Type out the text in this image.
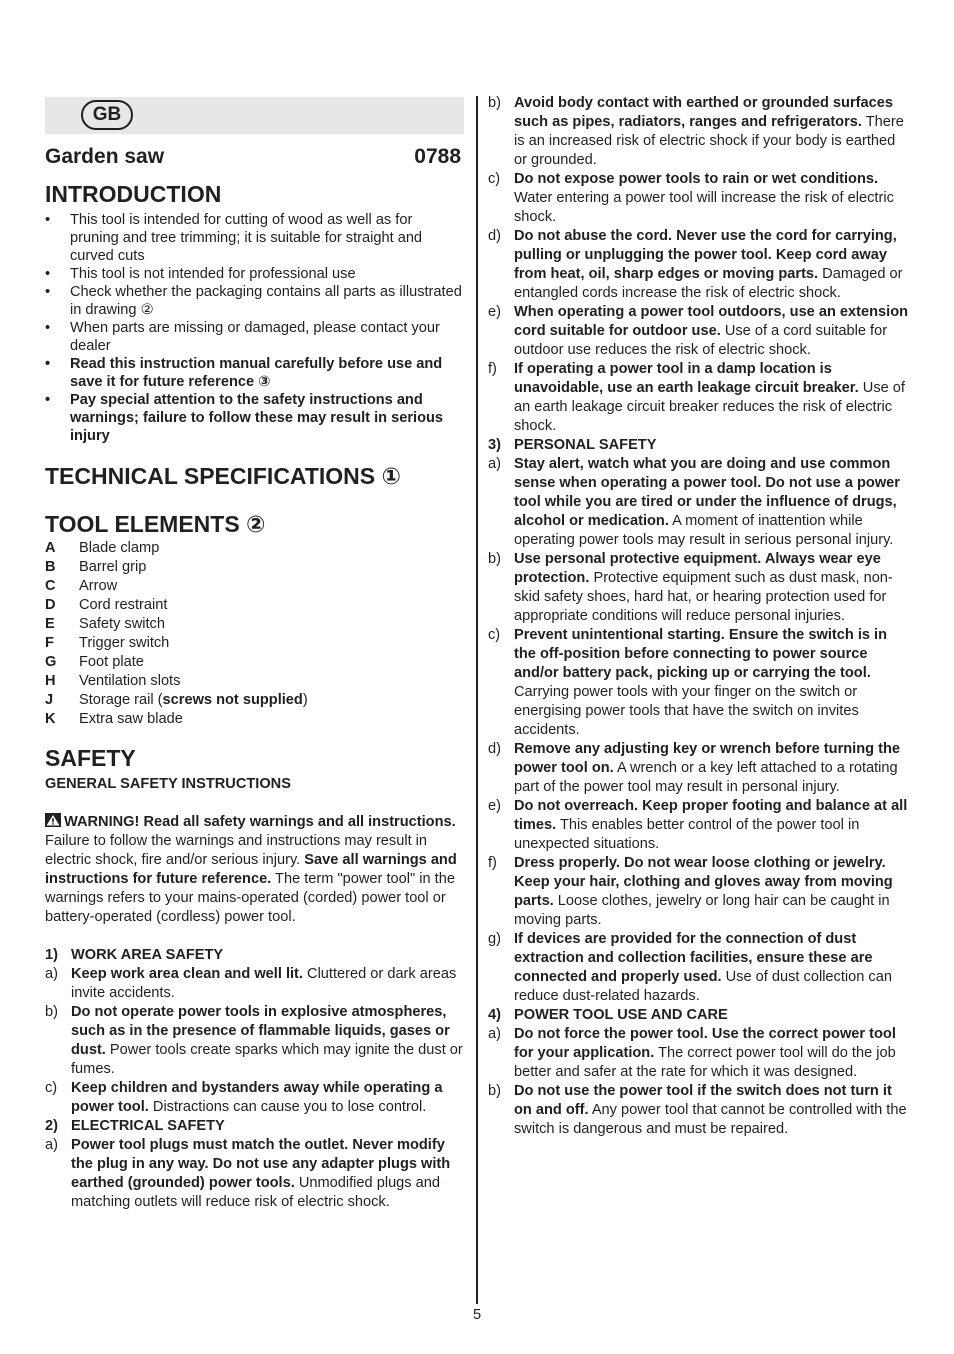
GB
Garden saw	0788
INTRODUCTION
• This tool is intended for cutting of wood as well as for pruning and tree trimming; it is suitable for straight and curved cuts
• This tool is not intended for professional use
• Check whether the packaging contains all parts as illustrated in drawing ②
• When parts are missing or damaged, please contact your dealer
• Read this instruction manual carefully before use and save it for future reference ③
• Pay special attention to the safety instructions and warnings; failure to follow these may result in serious injury
TECHNICAL SPECIFICATIONS ①
TOOL ELEMENTS ②
A	Blade clamp
B	Barrel grip
C	Arrow
D	Cord restraint
E	Safety switch
F	Trigger switch
G	Foot plate
H	Ventilation slots
J	Storage rail (screws not supplied)
K	Extra saw blade
SAFETY
GENERAL SAFETY INSTRUCTIONS
WARNING! Read all safety warnings and all instructions. Failure to follow the warnings and instructions may result in electric shock, fire and/or serious injury. Save all warnings and instructions for future reference. The term "power tool" in the warnings refers to your mains-operated (corded) power tool or battery-operated (cordless) power tool.
1) WORK AREA SAFETY
a) Keep work area clean and well lit. Cluttered or dark areas invite accidents.
b) Do not operate power tools in explosive atmospheres, such as in the presence of flammable liquids, gases or dust. Power tools create sparks which may ignite the dust or fumes.
c) Keep children and bystanders away while operating a power tool. Distractions can cause you to lose control.
2) ELECTRICAL SAFETY
a) Power tool plugs must match the outlet. Never modify the plug in any way. Do not use any adapter plugs with earthed (grounded) power tools. Unmodified plugs and matching outlets will reduce risk of electric shock.
b) Avoid body contact with earthed or grounded surfaces such as pipes, radiators, ranges and refrigerators. There is an increased risk of electric shock if your body is earthed or grounded.
c) Do not expose power tools to rain or wet conditions. Water entering a power tool will increase the risk of electric shock.
d) Do not abuse the cord. Never use the cord for carrying, pulling or unplugging the power tool. Keep cord away from heat, oil, sharp edges or moving parts. Damaged or entangled cords increase the risk of electric shock.
e) When operating a power tool outdoors, use an extension cord suitable for outdoor use. Use of a cord suitable for outdoor use reduces the risk of electric shock.
f)	If operating a power tool in a damp location is unavoidable, use an earth leakage circuit breaker. Use of an earth leakage circuit breaker reduces the risk of electric shock.
3) PERSONAL SAFETY
a) Stay alert, watch what you are doing and use common sense when operating a power tool. Do not use a power tool while you are tired or under the influence of drugs, alcohol or medication. A moment of inattention while operating power tools may result in serious personal injury.
b) Use personal protective equipment. Always wear eye protection. Protective equipment such as dust mask, non-skid safety shoes, hard hat, or hearing protection used for appropriate conditions will reduce personal injuries.
c) Prevent unintentional starting. Ensure the switch is in the off-position before connecting to power source and/or battery pack, picking up or carrying the tool. Carrying power tools with your finger on the switch or energising power tools that have the switch on invites accidents.
d) Remove any adjusting key or wrench before turning the power tool on. A wrench or a key left attached to a rotating part of the power tool may result in personal injury.
e) Do not overreach. Keep proper footing and balance at all times. This enables better control of the power tool in unexpected situations.
f)	Dress properly. Do not wear loose clothing or jewelry. Keep your hair, clothing and gloves away from moving parts. Loose clothes, jewelry or long hair can be caught in moving parts.
g) If devices are provided for the connection of dust extraction and collection facilities, ensure these are connected and properly used. Use of dust collection can reduce dust-related hazards.
4) POWER TOOL USE AND CARE
a) Do not force the power tool. Use the correct power tool for your application. The correct power tool will do the job better and safer at the rate for which it was designed.
b) Do not use the power tool if the switch does not turn it on and off. Any power tool that cannot be controlled with the switch is dangerous and must be repaired.
5
